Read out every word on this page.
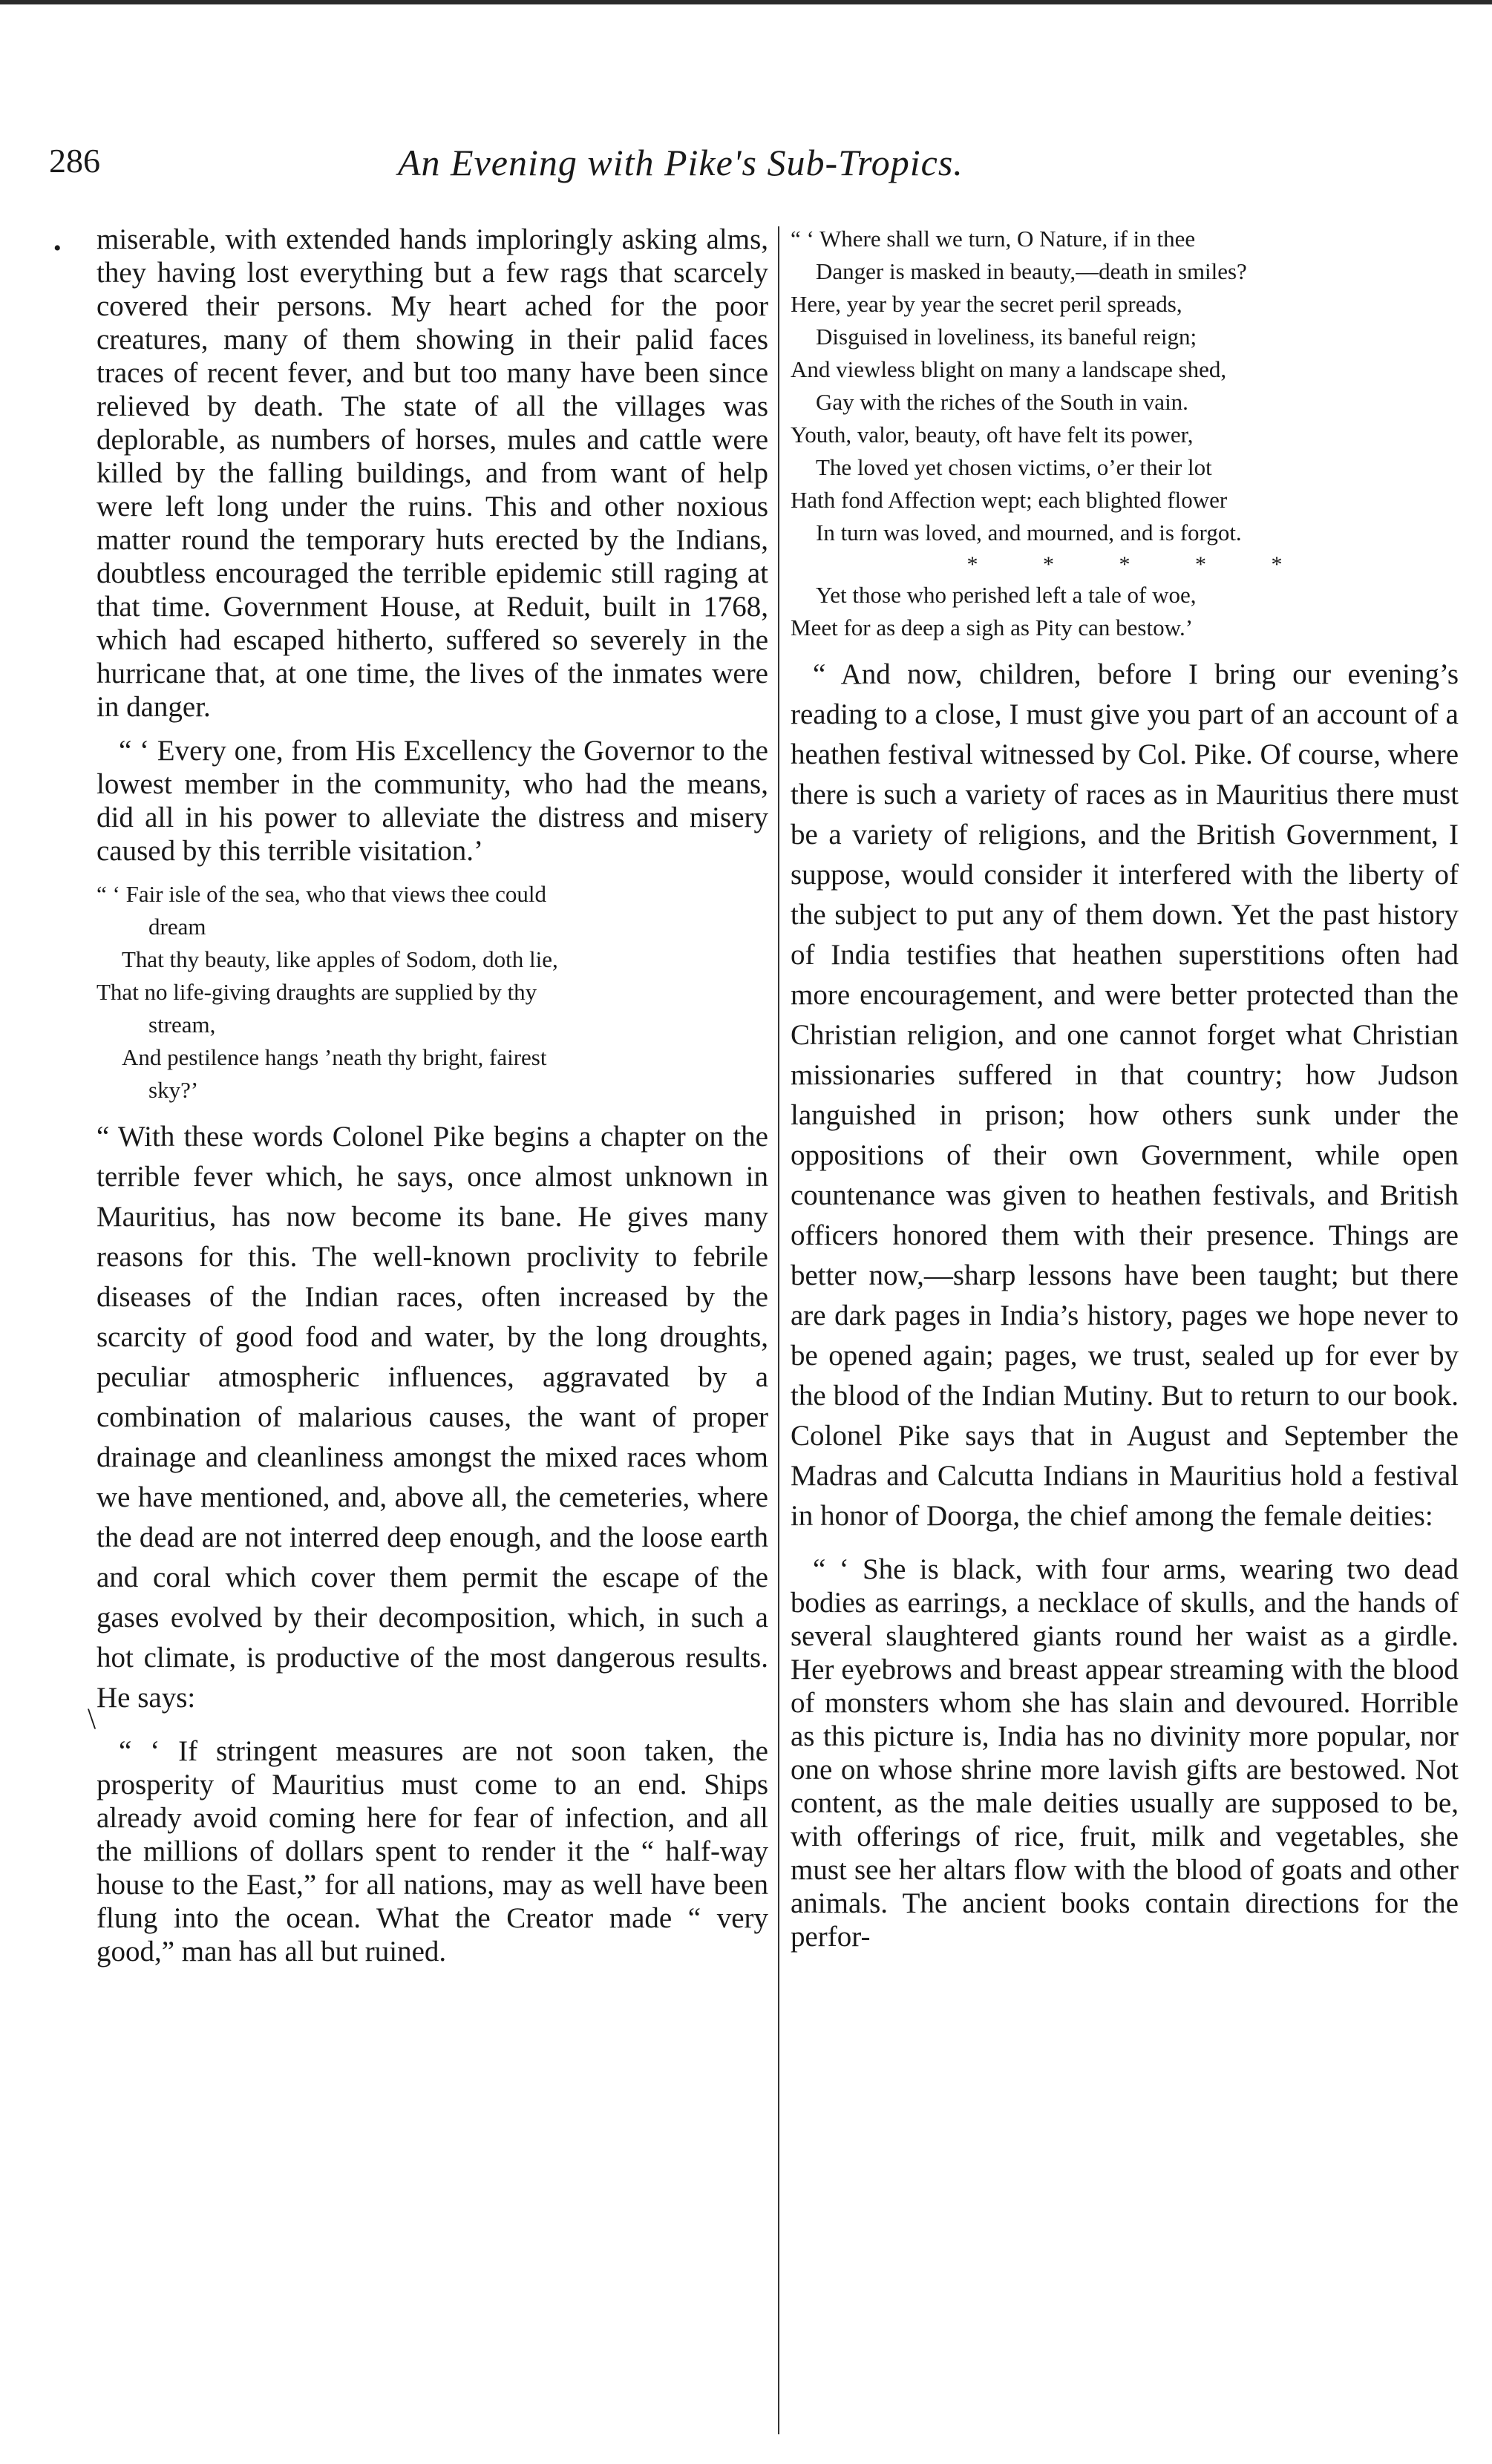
286	An Evening with Pike's Sub-Tropics.
•
\

miserable, with extended hands imploringly asking alms, they having lost everything but a few rags that scarcely covered their persons. My heart ached for the poor creatures, many of them showing in their palid faces traces of recent fever, and but too many have been since relieved by death. The state of all the villages was deplorable, as numbers of horses, mules and cattle were killed by the falling buildings, and from want of help were left long under the ruins. This and other noxious matter round the temporary huts erected by the Indians, doubtless encouraged the terrible epidemic still raging at that time. Government House, at Reduit, built in 1768, which had escaped hitherto, suffered so severely in the hurricane that, at one time, the lives of the inmates were in danger.

“ ‘ Every one, from His Excellency the Governor to the lowest member in the community, who had the means, did all in his power to alleviate the distress and misery caused by this terrible visitation.’

“ ‘ Fair isle of the sea, who that views thee could
dream
That thy beauty, like apples of Sodom, doth lie,
That no life-giving draughts are supplied by thy
stream,
And pestilence hangs ’neath thy bright, fairest
sky?’

“ With these words Colonel Pike begins a chapter on the terrible fever which, he says, once almost unknown in Mauritius, has now become its bane. He gives many reasons for this. The well-known proclivity to febrile diseases of the Indian races, often increased by the scarcity of good food and water, by the long droughts, peculiar atmospheric influences, aggravated by a combination of malarious causes, the want of proper drainage and cleanliness amongst the mixed races whom we have mentioned, and, above all, the cemeteries, where the dead are not interred deep enough, and the loose earth and coral which cover them permit the escape of the gases evolved by their decomposition, which, in such a hot climate, is productive of the most dangerous results. He says:

“ ‘ If stringent measures are not soon taken, the prosperity of Mauritius must come to an end. Ships already avoid coming here for fear of infection, and all the millions of dollars spent to render it the “ half-way house to the East,” for all nations, may as well have been flung into the ocean. What the Creator made “ very good,” man has all but ruined.

“ ‘ Where shall we turn, O Nature, if in thee
Danger is masked in beauty,—death in smiles?
Here, year by year the secret peril spreads,
Disguised in loveliness, its baneful reign;
And viewless blight on many a landscape shed,
Gay with the riches of the South in vain.
Youth, valor, beauty, oft have felt its power,
The loved yet chosen victims, o’er their lot
Hath fond Affection wept; each blighted flower
In turn was loved, and mourned, and is forgot.
* * * * *
Yet those who perished left a tale of woe,
Meet for as deep a sigh as Pity can bestow.’

“ And now, children, before I bring our evening’s reading to a close, I must give you part of an account of a heathen festival witnessed by Col. Pike. Of course, where there is such a variety of races as in Mauritius there must be a variety of religions, and the British Government, I suppose, would consider it interfered with the liberty of the subject to put any of them down. Yet the past history of India testifies that heathen superstitions often had more encouragement, and were better protected than the Christian religion, and one cannot forget what Christian missionaries suffered in that country; how Judson languished in prison; how others sunk under the oppositions of their own Government, while open countenance was given to heathen festivals, and British officers honored them with their presence. Things are better now,—sharp lessons have been taught; but there are dark pages in India’s history, pages we hope never to be opened again; pages, we trust, sealed up for ever by the blood of the Indian Mutiny. But to return to our book. Colonel Pike says that in August and September the Madras and Calcutta Indians in Mauritius hold a festival in honor of Doorga, the chief among the female deities:

“ ‘ She is black, with four arms, wearing two dead bodies as earrings, a necklace of skulls, and the hands of several slaughtered giants round her waist as a girdle. Her eyebrows and breast appear streaming with the blood of monsters whom she has slain and devoured. Horrible as this picture is, India has no divinity more popular, nor one on whose shrine more lavish gifts are bestowed. Not content, as the male deities usually are supposed to be, with offerings of rice, fruit, milk and vegetables, she must see her altars flow with the blood of goats and other animals. The ancient books contain directions for the perfor-
